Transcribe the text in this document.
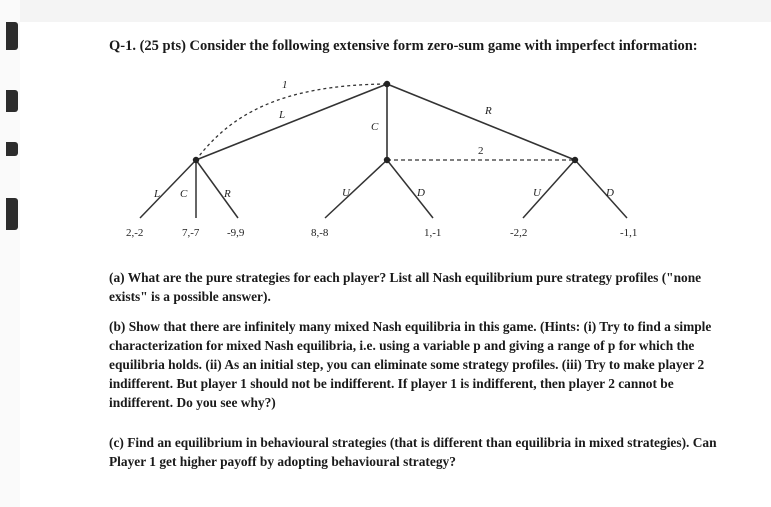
Q-1. (25 pts) Consider the following extensive form zero-sum game with imperfect information:
1
2
L
C
R
L C	R	U	D	U	D
2,-2	7,-7	-9,9	8,-8	1,-1	-2,2	-1,1
(a) What are the pure strategies for each player? List all Nash equilibrium pure strategy profiles ("none exists" is a possible answer).
(b) Show that there are infinitely many mixed Nash equilibria in this game. (Hints: (i) Try to find a simple characterization for mixed Nash equilibria, i.e. using a variable p and giving a range of p for which the equilibria holds. (ii) As an initial step, you can eliminate some strategy profiles. (iii) Try to make player 2 indifferent. But player 1 should not be indifferent. If player 1 is indifferent, then player 2 cannot be indifferent. Do you see why?)
(c) Find an equilibrium in behavioural strategies (that is different than equilibria in mixed strategies). Can Player 1 get higher payoff by adopting behavioural strategy?
